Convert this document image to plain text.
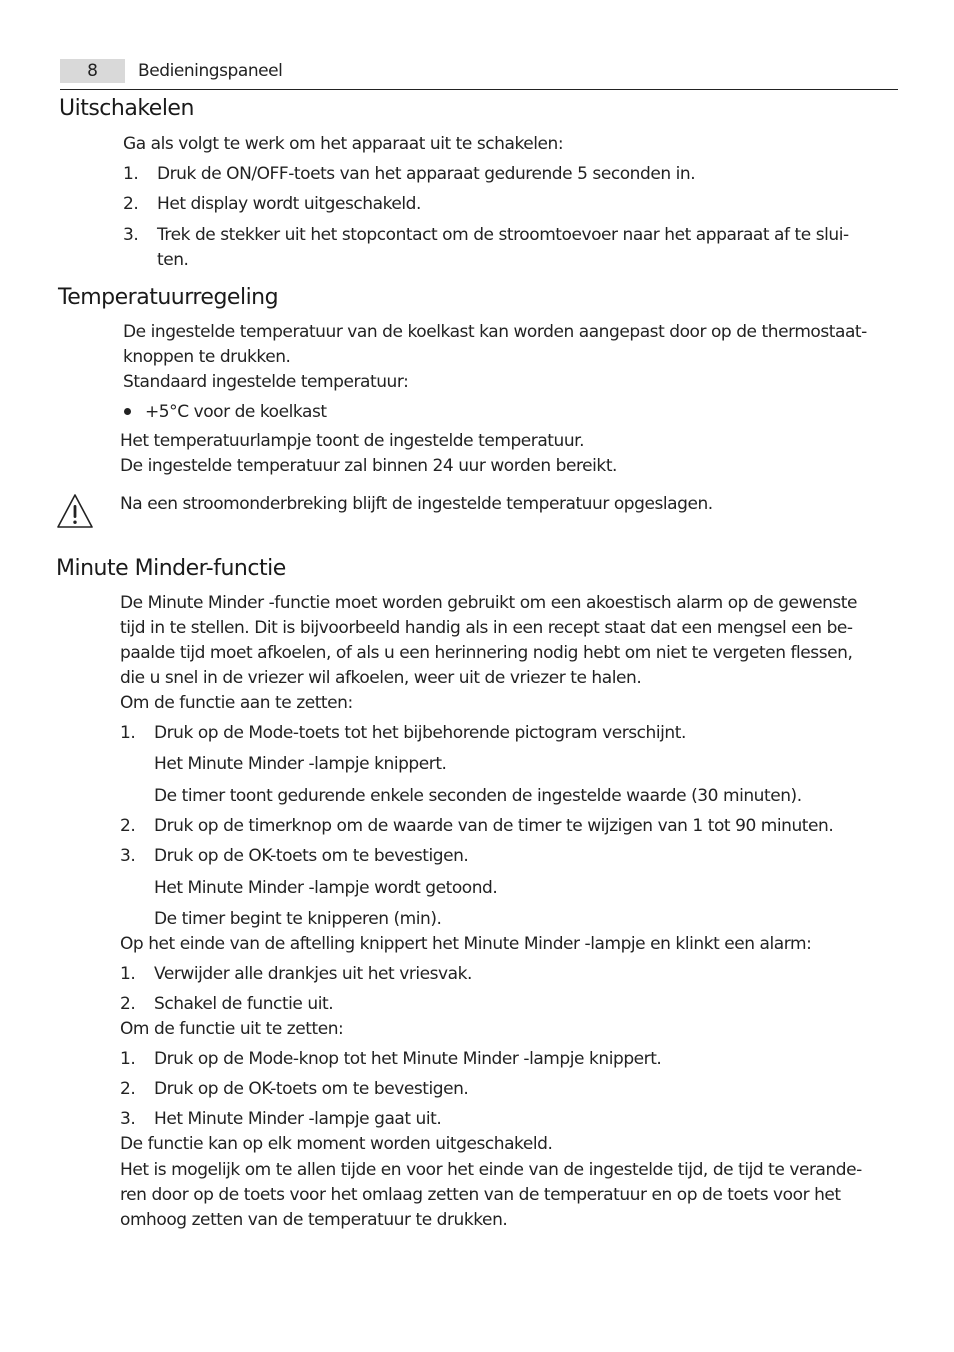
8	Bedieningspaneel
Uitschakelen
Ga als volgt te werk om het apparaat uit te schakelen:
1. Druk de ON/OFF-toets van het apparaat gedurende 5 seconden in.
2. Het display wordt uitgeschakeld.
3. Trek de stekker uit het stopcontact om de stroomtoevoer naar het apparaat af te slui-
ten.
Temperatuurregeling
De ingestelde temperatuur van de koelkast kan worden aangepast door op de thermostaat-
knoppen te drukken.
Standaard ingestelde temperatuur:
+5°C voor de koelkast
Het temperatuurlampje toont de ingestelde temperatuur.
De ingestelde temperatuur zal binnen 24 uur worden bereikt.
Na een stroomonderbreking blijft de ingestelde temperatuur opgeslagen.
Minute Minder-functie
De Minute Minder -functie moet worden gebruikt om een akoestisch alarm op de gewenste
tijd in te stellen. Dit is bijvoorbeeld handig als in een recept staat dat een mengsel een be-
paalde tijd moet afkoelen, of als u een herinnering nodig hebt om niet te vergeten flessen,
die u snel in de vriezer wil afkoelen, weer uit de vriezer te halen.
Om de functie aan te zetten:
1. Druk op de Mode-toets tot het bijbehorende pictogram verschijnt.
Het Minute Minder -lampje knippert.
De timer toont gedurende enkele seconden de ingestelde waarde (30 minuten).
2. Druk op de timerknop om de waarde van de timer te wijzigen van 1 tot 90 minuten.
3. Druk op de OK-toets om te bevestigen.
Het Minute Minder -lampje wordt getoond.
De timer begint te knipperen (min).
Op het einde van de aftelling knippert het Minute Minder -lampje en klinkt een alarm:
1. Verwijder alle drankjes uit het vriesvak.
2. Schakel de functie uit.
Om de functie uit te zetten:
1. Druk op de Mode-knop tot het Minute Minder -lampje knippert.
2. Druk op de OK-toets om te bevestigen.
3. Het Minute Minder -lampje gaat uit.
De functie kan op elk moment worden uitgeschakeld.
Het is mogelijk om te allen tijde en voor het einde van de ingestelde tijd, de tijd te verande-
ren door op de toets voor het omlaag zetten van de temperatuur en op de toets voor het
omhoog zetten van de temperatuur te drukken.
